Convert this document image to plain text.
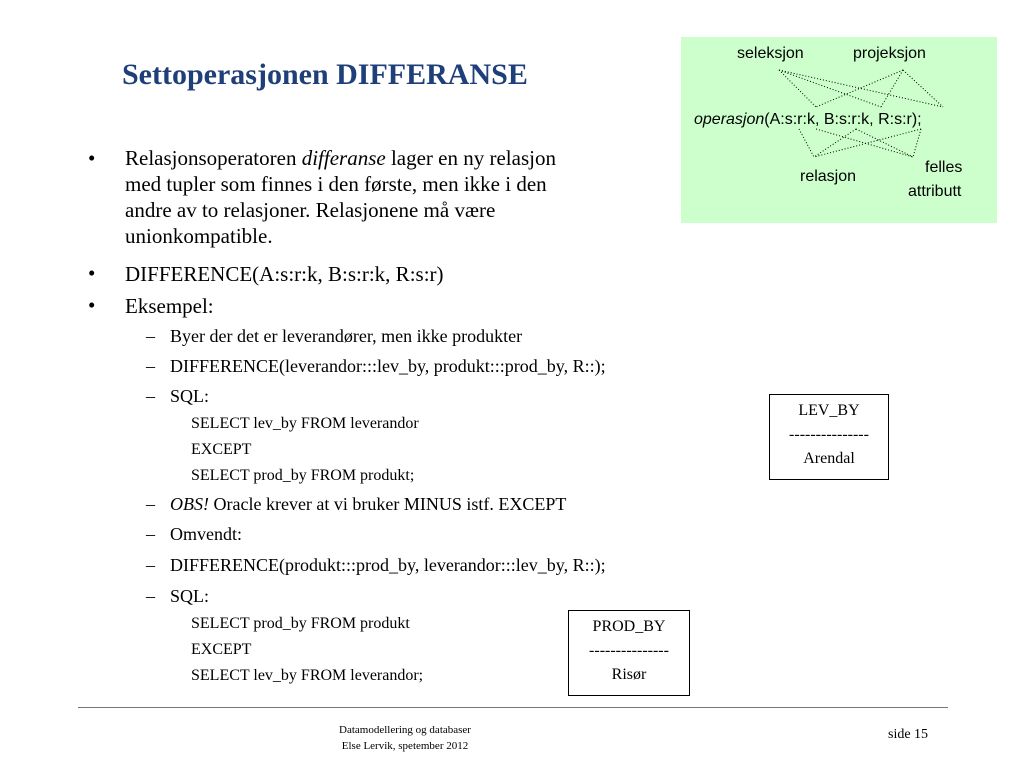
Settoperasjonen DIFFERANSE
seleksjon	projeksjon
operasjon(A:s:r:k, B:s:r:k, R:s:r);
relasjon
felles
attributt
• Relasjonsoperatoren differanse lager en ny relasjon
med tupler som finnes i den første, men ikke i den
andre av to relasjoner. Relasjonene må være
unionkompatible.
• DIFFERENCE(A:s:r:k, B:s:r:k, R:s:r)
• Eksempel:
– Byer der det er leverandører, men ikke produkter
– DIFFERENCE(leverandor:::lev_by, produkt:::prod_by, R::);
– SQL:
SELECT lev_by FROM leverandor
EXCEPT
SELECT prod_by FROM produkt;
– OBS! Oracle krever at vi bruker MINUS istf. EXCEPT
– Omvendt:
– DIFFERENCE(produkt:::prod_by, leverandor:::lev_by, R::);
– SQL:
SELECT prod_by FROM produkt
EXCEPT
SELECT lev_by FROM leverandor;
LEV_BY
---------------
Arendal
PROD_BY
---------------
Risør
Datamodellering og databaser
Else Lervik, spetember 2012
side 15
